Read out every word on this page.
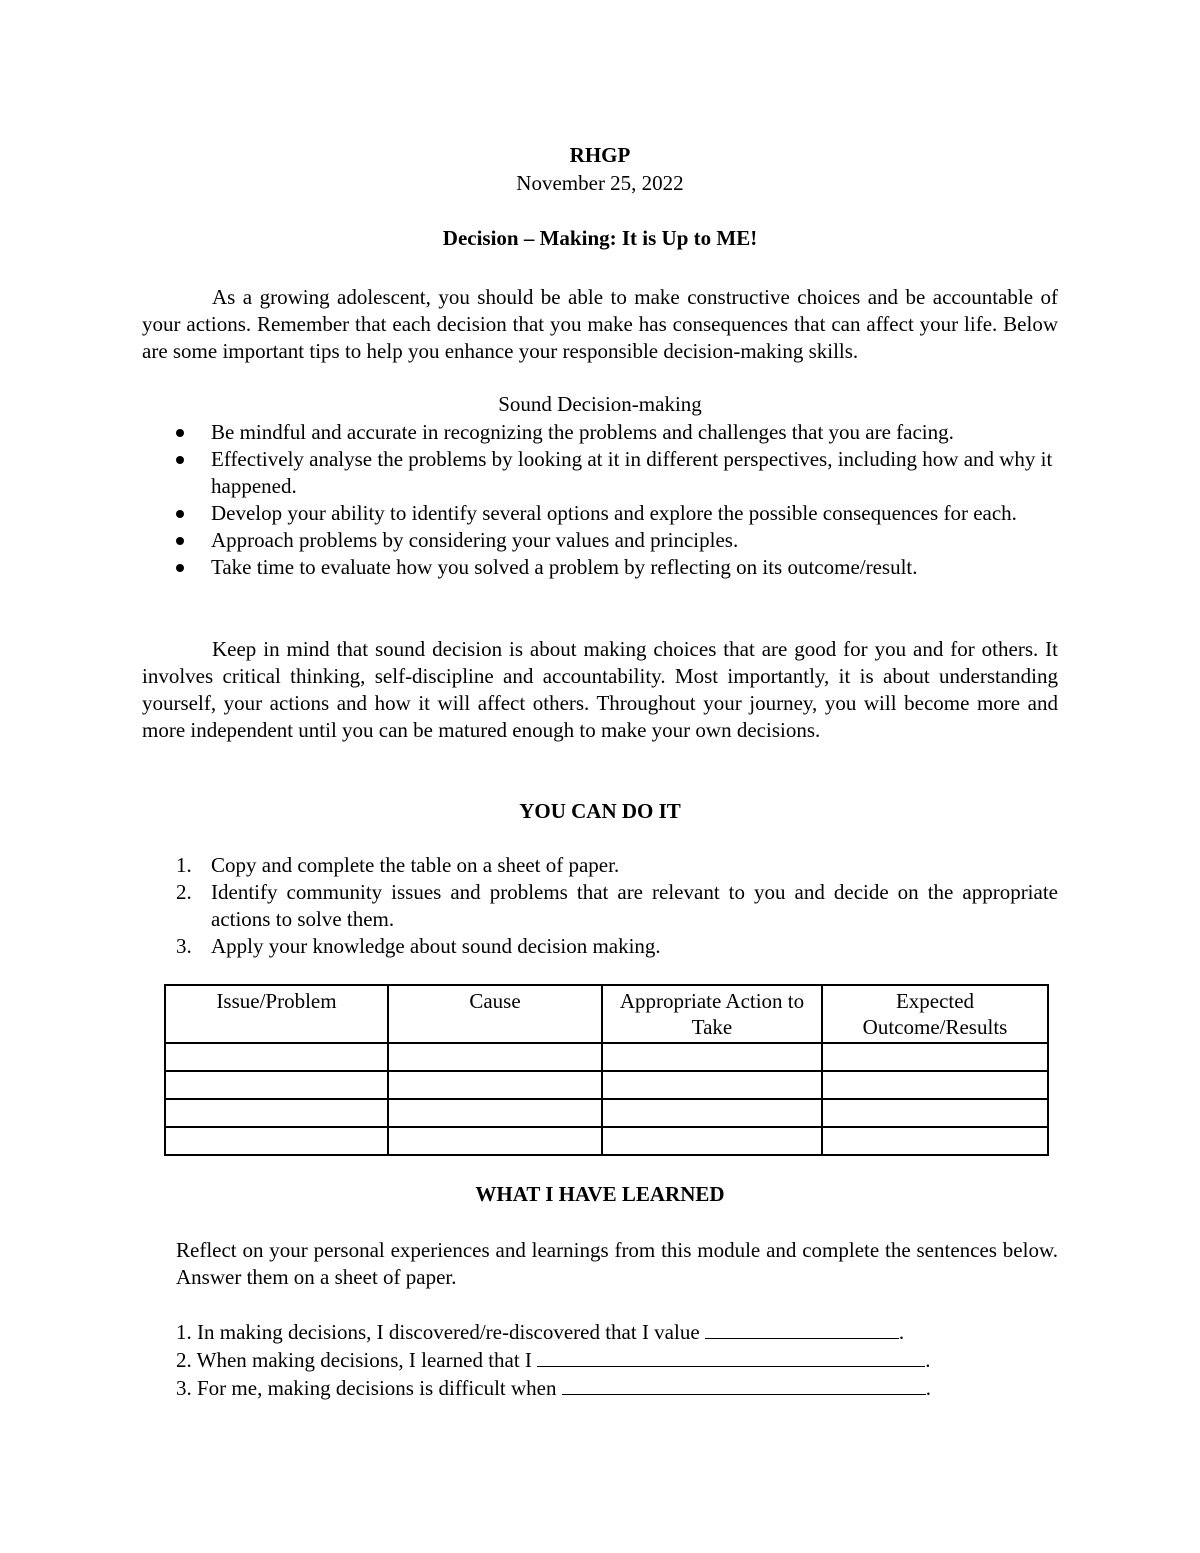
RHGP
November 25, 2022
Decision – Making: It is Up to ME!

As a growing adolescent, you should be able to make constructive choices and be accountable of your actions. Remember that each decision that you make has consequences that can affect your life. Below are some important tips to help you enhance your responsible decision-making skills.

Sound Decision-making
Be mindful and accurate in recognizing the problems and challenges that you are facing.
Effectively analyse the problems by looking at it in different perspectives, including how and why it happened.
Develop your ability to identify several options and explore the possible consequences for each.
Approach problems by considering your values and principles.
Take time to evaluate how you solved a problem by reflecting on its outcome/result.

Keep in mind that sound decision is about making choices that are good for you and for others. It involves critical thinking, self-discipline and accountability. Most importantly, it is about understanding yourself, your actions and how it will affect others. Throughout your journey, you will become more and more independent until you can be matured enough to make your own decisions.

YOU CAN DO IT
1. Copy and complete the table on a sheet of paper.
2. Identify community issues and problems that are relevant to you and decide on the appropriate actions to solve them.
3. Apply your knowledge about sound decision making.
Issue/Problem	Cause	Appropriate Action to Take	Expected Outcome/Results

WHAT I HAVE LEARNED

Reflect on your personal experiences and learnings from this module and complete the sentences below. Answer them on a sheet of paper.

1. In making decisions, I discovered/re-discovered that I value	.
2. When making decisions, I learned that I	.
3. For me, making decisions is difficult when	.
